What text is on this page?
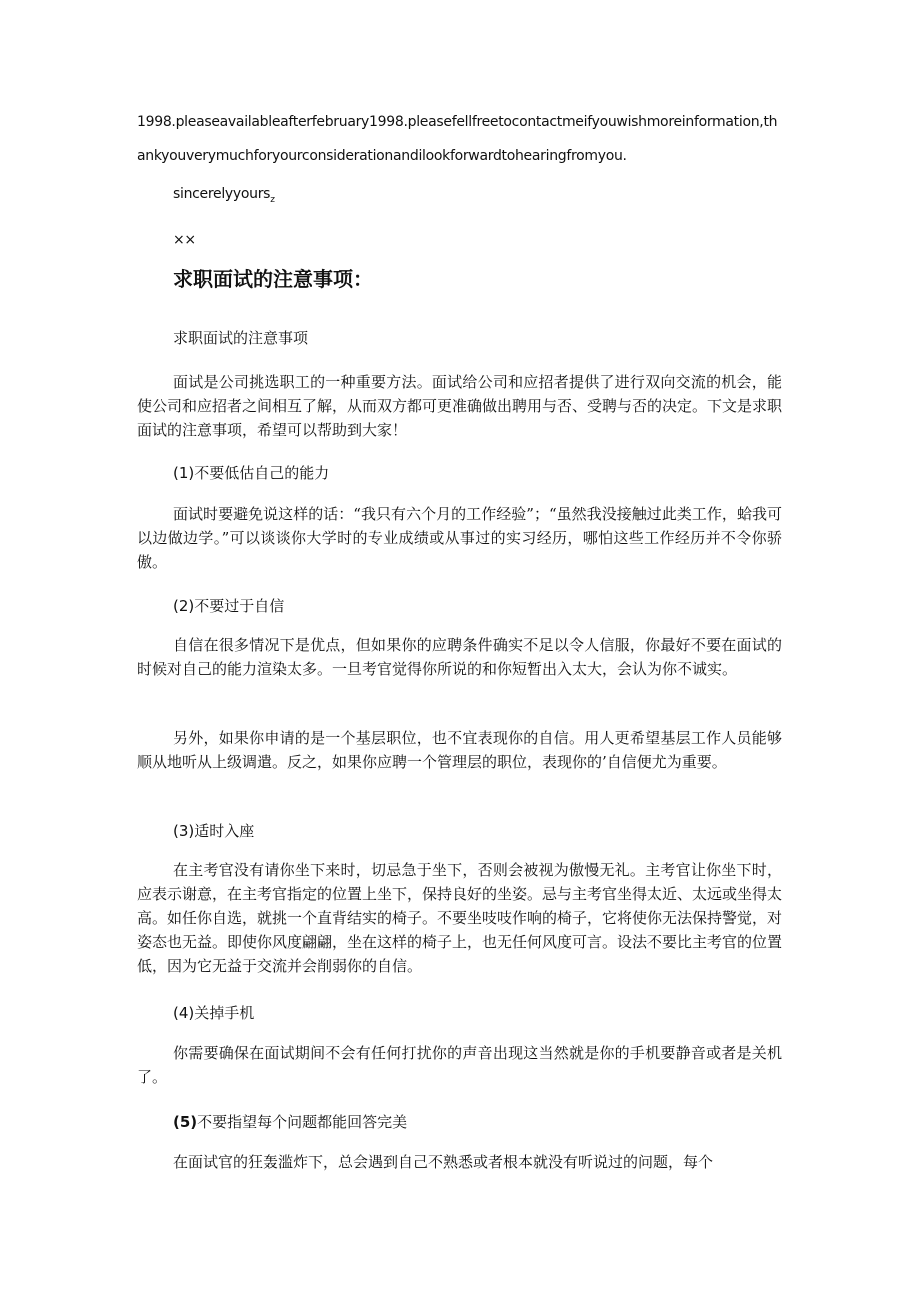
1998.pleaseavailableafterfebruary1998.pleasefellfreetocontactmeifyouwishmoreinformation,thankyouverymuchforyourconsiderationandilookforwardtohearingfromyou.

sincerelyyours$_z$

××

求职面试的注意事项：

求职面试的注意事项

面试是公司挑选职工的一种重要方法。面试给公司和应招者提供了进行双向交流的机会，能使公司和应招者之间相互了解，从而双方都可更准确做出聘用与否、受聘与否的决定。下文是求职面试的注意事项，希望可以帮助到大家！

(1)不要低估自己的能力

面试时要避免说这样的话：“我只有六个月的工作经验”；“虽然我没接触过此类工作，蛤我可以边做边学。”可以谈谈你大学时的专业成绩或从事过的实习经历，哪怕这些工作经历并不令你骄傲。

(2)不要过于自信

自信在很多情况下是优点，但如果你的应聘条件确实不足以令人信服，你最好不要在面试的时候对自己的能力渲染太多。一旦考官觉得你所说的和你短暂出入太大，会认为你不诚实。

另外，如果你申请的是一个基层职位，也不宜表现你的自信。用人更希望基层工作人员能够顺从地听从上级调遣。反之，如果你应聘一个管理层的职位，表现你的’自信便尤为重要。

(3)适时入座

在主考官没有请你坐下来时，切忌急于坐下，否则会被视为傲慢无礼。主考官让你坐下时，应表示谢意，在主考官指定的位置上坐下，保持良好的坐姿。忌与主考官坐得太近、太远或坐得太高。如任你自选，就挑一个直背结实的椅子。不要坐吱吱作响的椅子，它将使你无法保持警觉，对姿态也无益。即使你风度翩翩，坐在这样的椅子上，也无任何风度可言。设法不要比主考官的位置低，因为它无益于交流并会削弱你的自信。

(4)关掉手机

你需要确保在面试期间不会有任何打扰你的声音出现这当然就是你的手机要静音或者是关机了。

(5)不要指望每个问题都能回答完美

在面试官的狂轰滥炸下，总会遇到自己不熟悉或者根本就没有听说过的问题，每个
